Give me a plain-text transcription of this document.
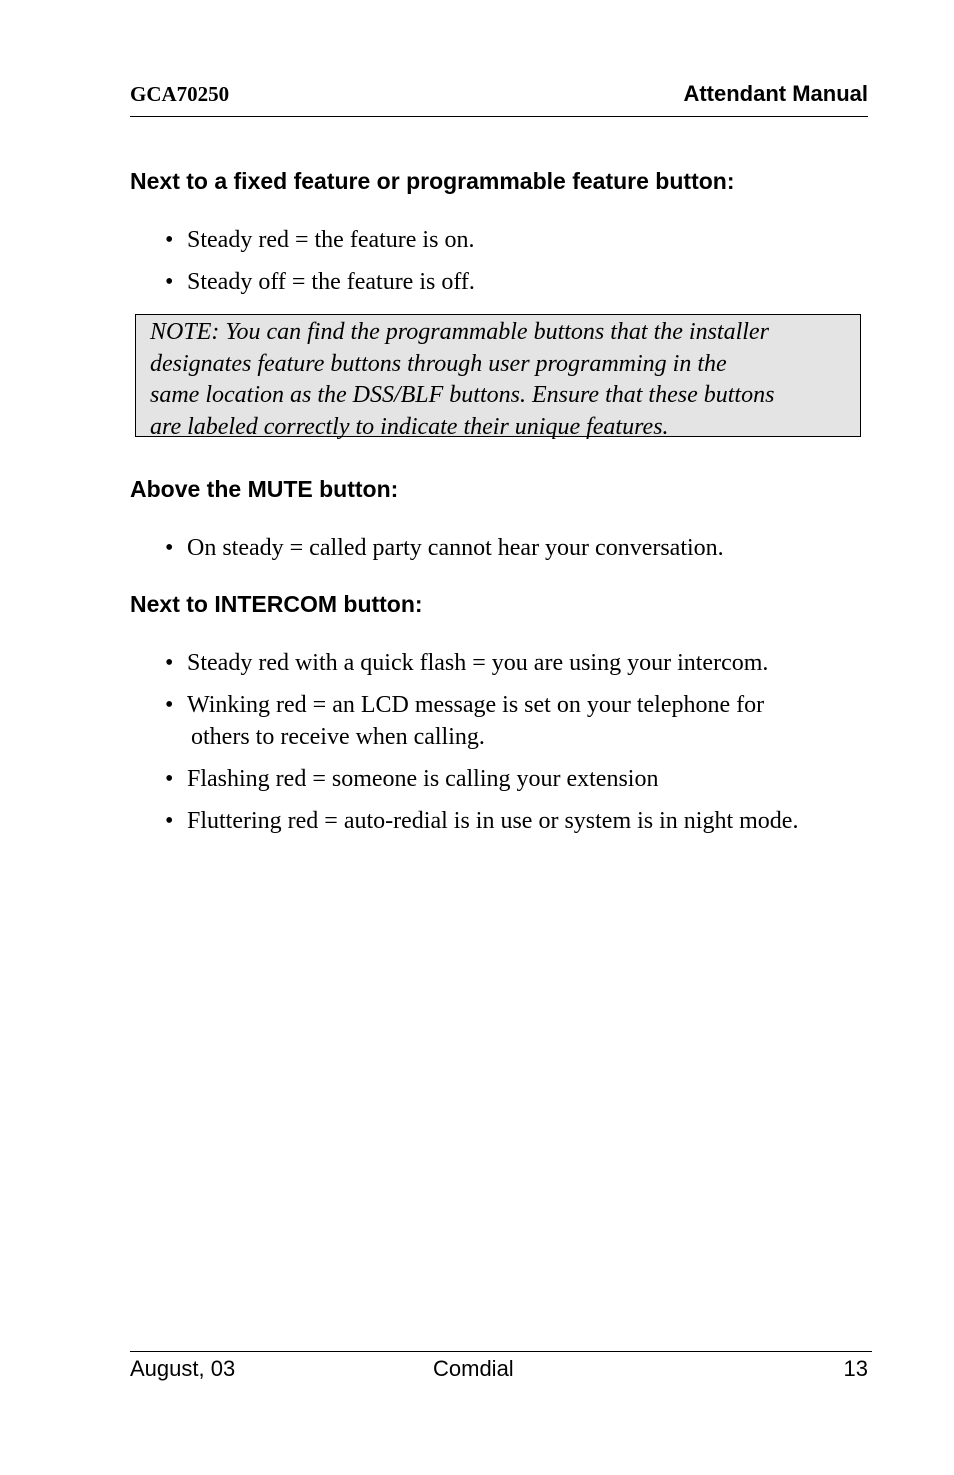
GCA70250	Attendant Manual
Next to a fixed feature or programmable feature button:
• Steady red = the feature is on.
• Steady off = the feature is off.
NOTE: You can find the programmable buttons that the installer
designates feature buttons through user programming in the
same location as the DSS/BLF buttons. Ensure that these buttons
are labeled correctly to indicate their unique features.
Above the MUTE button:
• On steady = called party cannot hear your conversation.
Next to INTERCOM button:
• Steady red with a quick flash = you are using your intercom.
• Winking red = an LCD message is set on your telephone for
others to receive when calling.
• Flashing red = someone is calling your extension
• Fluttering red = auto-redial is in use or system is in night mode.
August, 03	Comdial	13
